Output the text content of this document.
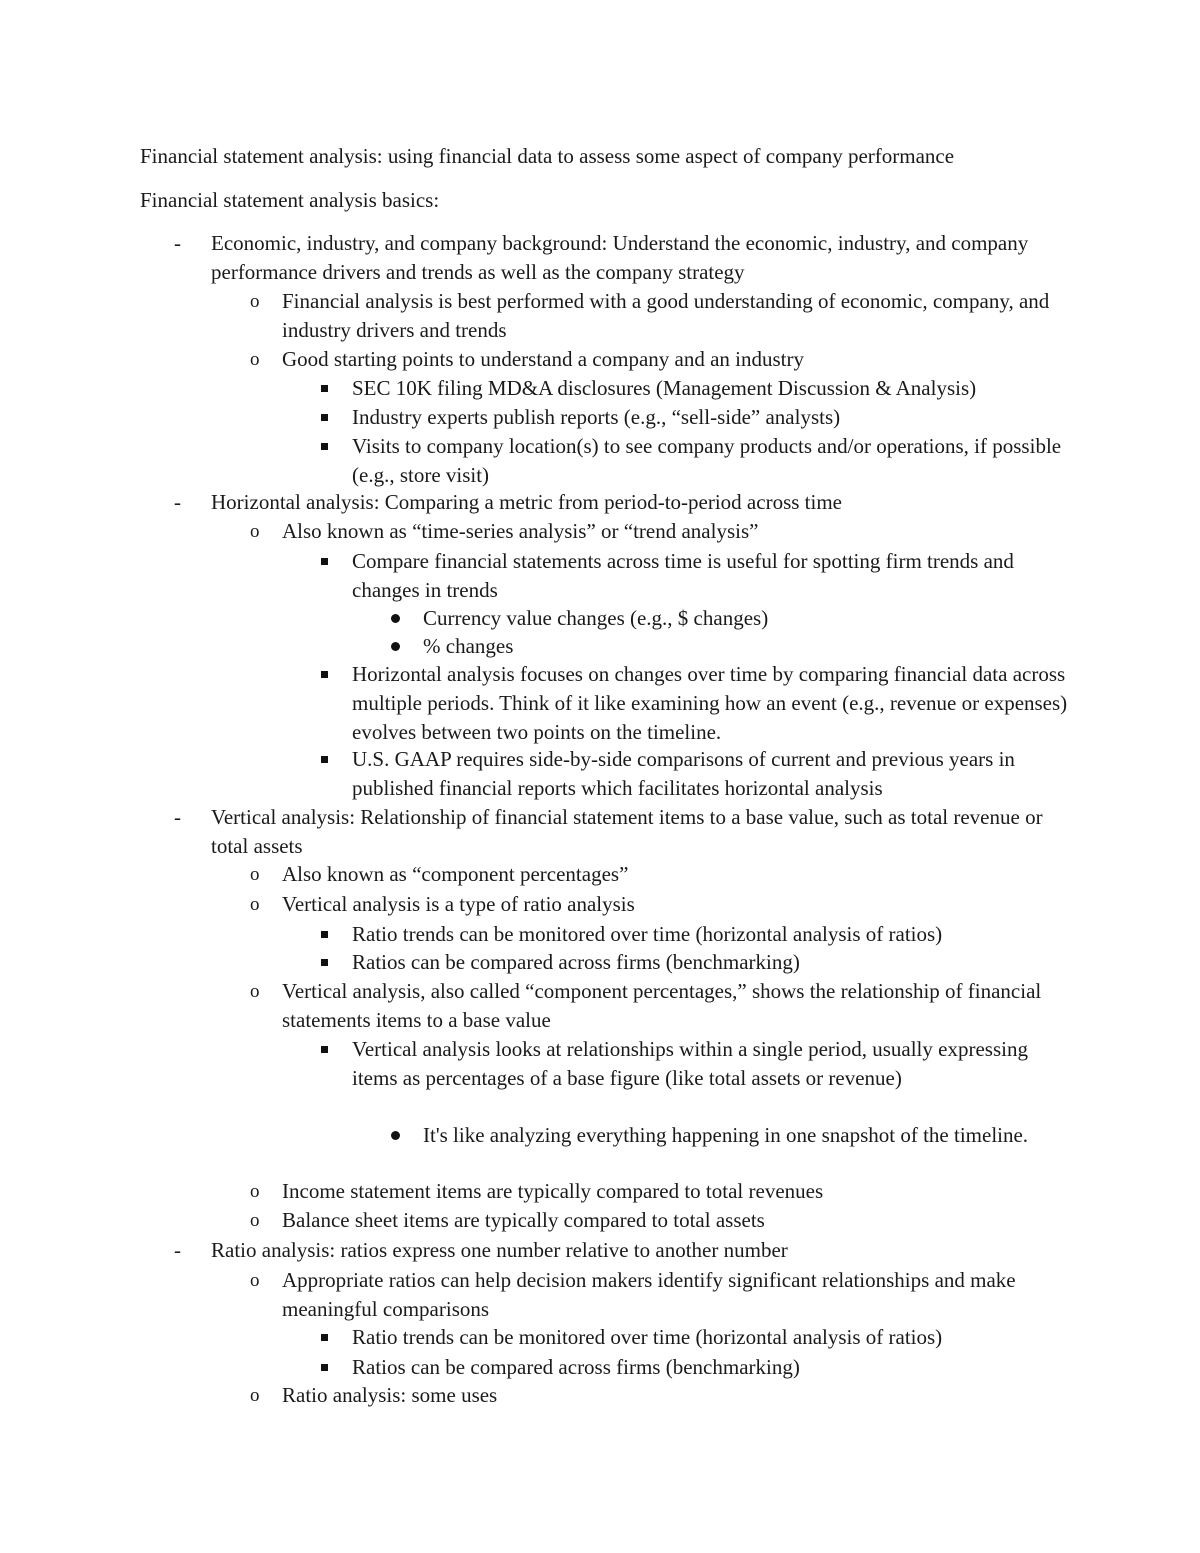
Financial statement analysis: using financial data to assess some aspect of company performance

Financial statement analysis basics:

- Economic, industry, and company background: Understand the economic, industry, and company performance drivers and trends as well as the company strategy
o Financial analysis is best performed with a good understanding of economic, company, and industry drivers and trends
o Good starting points to understand a company and an industry
SEC 10K filing MD&A disclosures (Management Discussion & Analysis)
Industry experts publish reports (e.g., “sell-side” analysts)
Visits to company location(s) to see company products and/or operations, if possible (e.g., store visit)
- Horizontal analysis: Comparing a metric from period-to-period across time
o Also known as “time-series analysis” or “trend analysis”
Compare financial statements across time is useful for spotting firm trends and changes in trends
Currency value changes (e.g., $ changes)
% changes
Horizontal analysis focuses on changes over time by comparing financial data across multiple periods. Think of it like examining how an event (e.g., revenue or expenses) evolves between two points on the timeline.
U.S. GAAP requires side-by-side comparisons of current and previous years in published financial reports which facilitates horizontal analysis
- Vertical analysis: Relationship of financial statement items to a base value, such as total revenue or total assets
o Also known as “component percentages”
o Vertical analysis is a type of ratio analysis
Ratio trends can be monitored over time (horizontal analysis of ratios)
Ratios can be compared across firms (benchmarking)
o Vertical analysis, also called “component percentages,” shows the relationship of financial statements items to a base value
Vertical analysis looks at relationships within a single period, usually expressing items as percentages of a base figure (like total assets or revenue)
It's like analyzing everything happening in one snapshot of the timeline.
o Income statement items are typically compared to total revenues
o Balance sheet items are typically compared to total assets
- Ratio analysis: ratios express one number relative to another number
o Appropriate ratios can help decision makers identify significant relationships and make meaningful comparisons
Ratio trends can be monitored over time (horizontal analysis of ratios)
Ratios can be compared across firms (benchmarking)
o Ratio analysis: some uses
